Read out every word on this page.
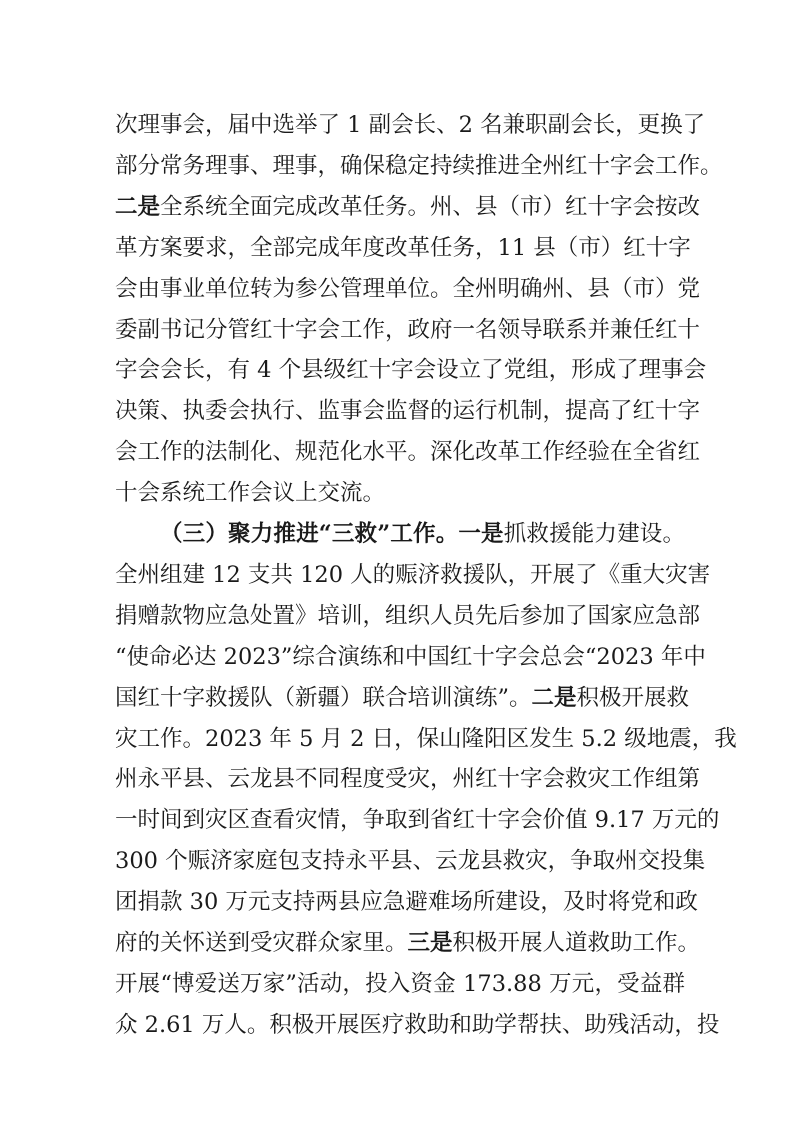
次理事会，届中选举了 1 副会长、2 名兼职副会长，更换了
部分常务理事、理事，确保稳定持续推进全州红十字会工作。
二是全系统全面完成改革任务。州、县（市）红十字会按改
革方案要求，全部完成年度改革任务，11 县（市）红十字
会由事业单位转为参公管理单位。全州明确州、县（市）党
委副书记分管红十字会工作，政府一名领导联系并兼任红十
字会会长，有 4 个县级红十字会设立了党组，形成了理事会
决策、执委会执行、监事会监督的运行机制，提高了红十字
会工作的法制化、规范化水平。深化改革工作经验在全省红
十会系统工作会议上交流。
（三）聚力推进“三救”工作。一是抓救援能力建设。
全州组建 12 支共 120 人的赈济救援队，开展了《重大灾害
捐赠款物应急处置》培训，组织人员先后参加了国家应急部
“使命必达 2023”综合演练和中国红十字会总会“2023 年中
国红十字救援队（新疆）联合培训演练”。二是积极开展救
灾工作。2023 年 5 月 2 日，保山隆阳区发生 5.2 级地震，我
州永平县、云龙县不同程度受灾，州红十字会救灾工作组第
一时间到灾区查看灾情，争取到省红十字会价值 9.17 万元的
300 个赈济家庭包支持永平县、云龙县救灾，争取州交投集
团捐款 30 万元支持两县应急避难场所建设，及时将党和政
府的关怀送到受灾群众家里。三是积极开展人道救助工作。
开展“博爱送万家”活动，投入资金 173.88 万元，受益群
众 2.61 万人。积极开展医疗救助和助学帮扶、助残活动，投
